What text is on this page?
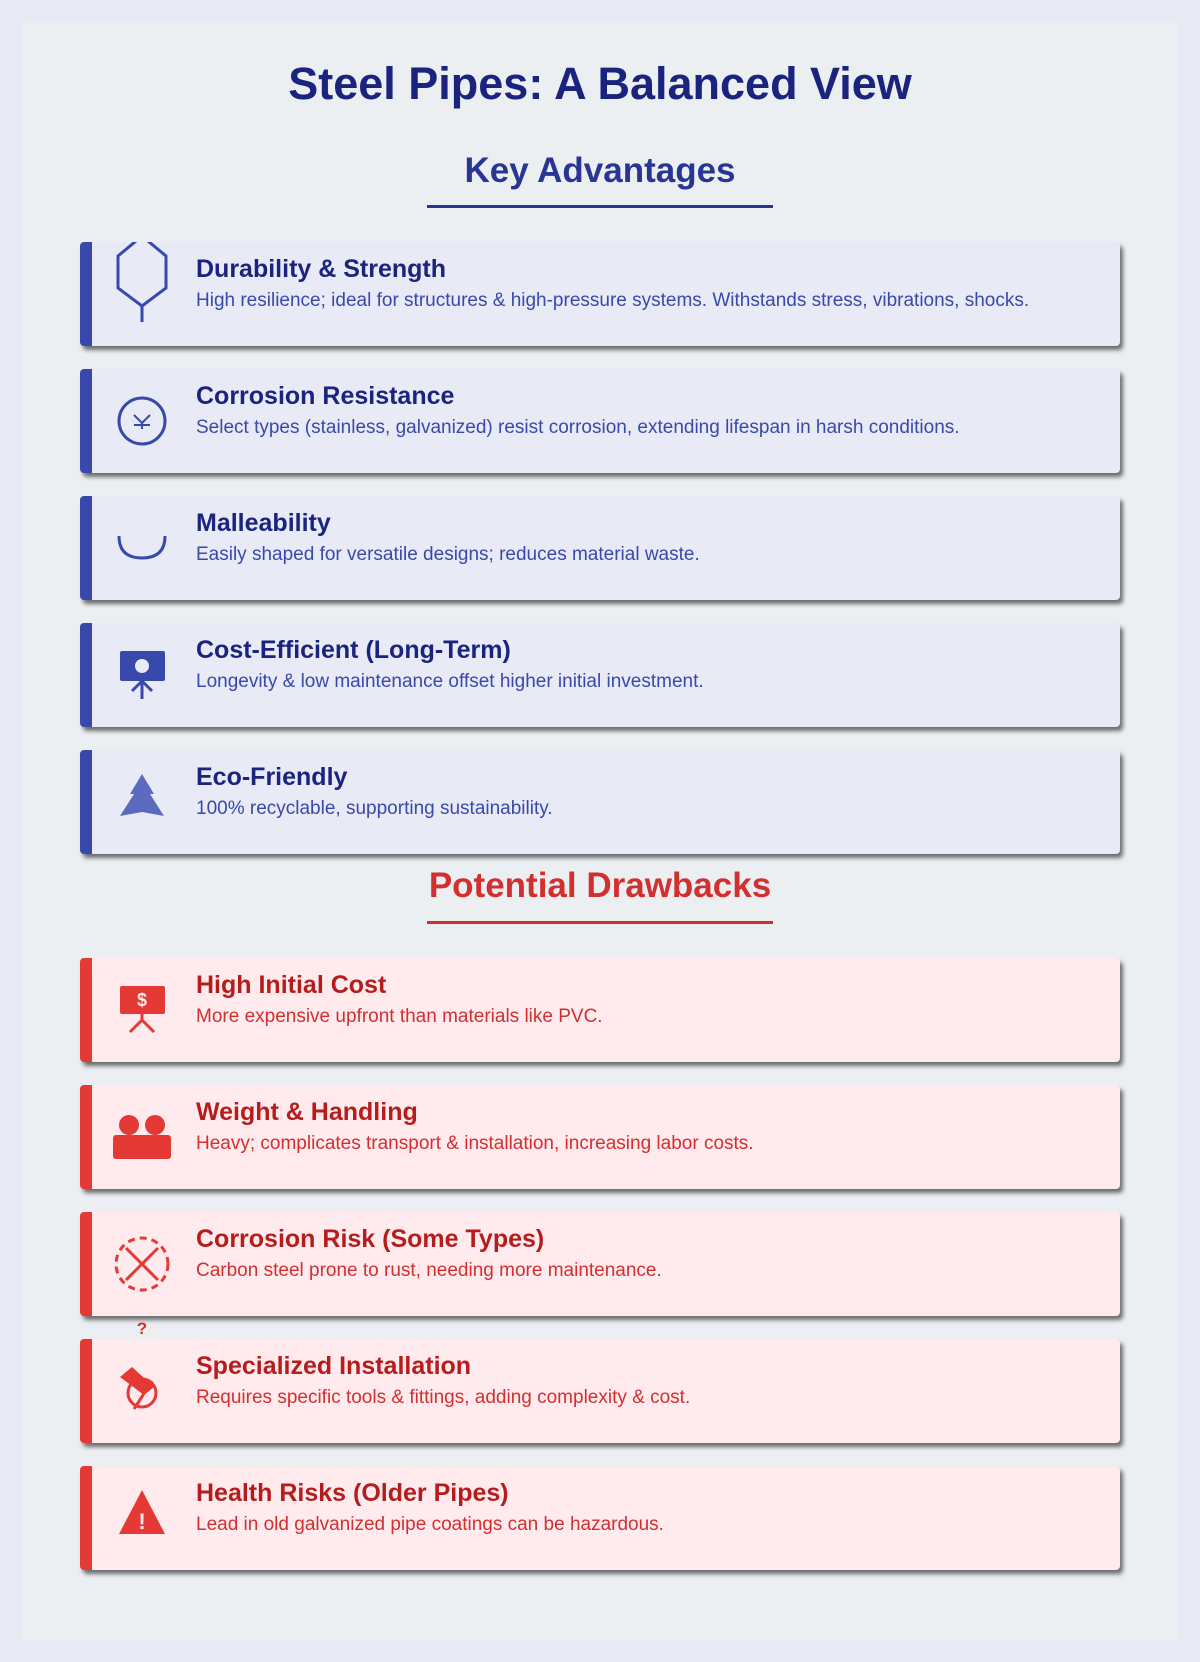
Steel Pipes: A Balanced View
Key Advantages
Durability & Strength

High resilience; ideal for structures & high-pressure systems. Withstands stress, vibrations, shocks.

Corrosion Resistance

Select types (stainless, galvanized) resist corrosion, extending lifespan in harsh conditions.

Malleability

Easily shaped for versatile designs; reduces material waste.

Cost-Efficient (Long-Term)

Longevity & low maintenance offset higher initial investment.

Eco-Friendly

100% recyclable, supporting sustainability.

Potential Drawbacks
$
High Initial Cost

More expensive upfront than materials like PVC.

Weight & Handling

Heavy; complicates transport & installation, increasing labor costs.

?
Corrosion Risk (Some Types)

Carbon steel prone to rust, needing more maintenance.

Specialized Installation

Requires specific tools & fittings, adding complexity & cost.

!
Health Risks (Older Pipes)

Lead in old galvanized pipe coatings can be hazardous.
